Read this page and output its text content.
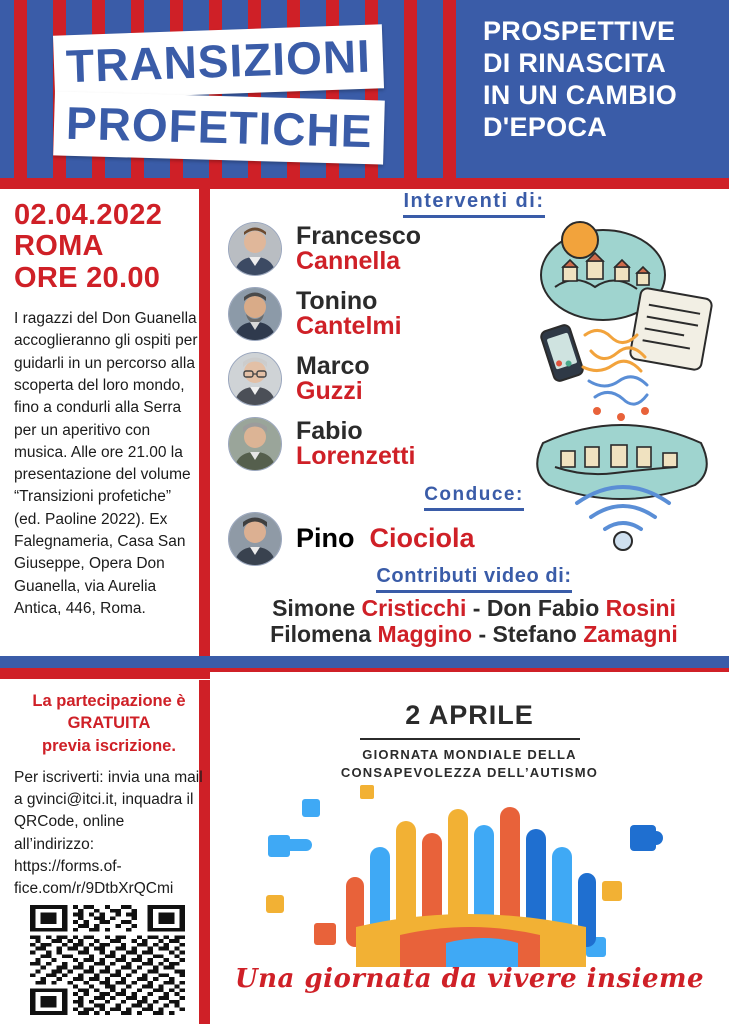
TRANSIZIONI
PROFETICHE
PROSPETTIVE
DI RINASCITA
IN UN CAMBIO
D'EPOCA
02.04.2022
ROMA
ORE 20.00
I ragazzi del Don Guanella accoglieranno gli ospiti per guidarli in un percorso alla scoperta del loro mondo, fino a condurli alla Serra per un aperitivo con musica. Alle ore 21.00 la presentazione del volume “Transizioni profetiche” (ed. Paoline 2022). Ex Falegnameria, Casa San Giuseppe, Opera Don Guanella, via Aurelia Antica, 446, Roma.
La partecipazione è
GRATUITA
previa iscrizione.
Per iscriverti: invia una mail a gvinci@itci.it, inquadra il QRCode, online all’indirizzo: https://forms.of-fice.com/r/9DtbXrQCmi
Interventi di:
Francesco
Cannella
Tonino
Cantelmi
Marco
Guzzi
Fabio
Lorenzetti
Conduce:
Pino Ciociola
Contributi video di:
Simone Cristicchi - Don Fabio Rosini
Filomena Maggino - Stefano Zamagni
2 APRILE
GIORNATA MONDIALE DELLA
CONSAPEVOLEZZA DELL’AUTISMO
Una giornata da vivere insieme
